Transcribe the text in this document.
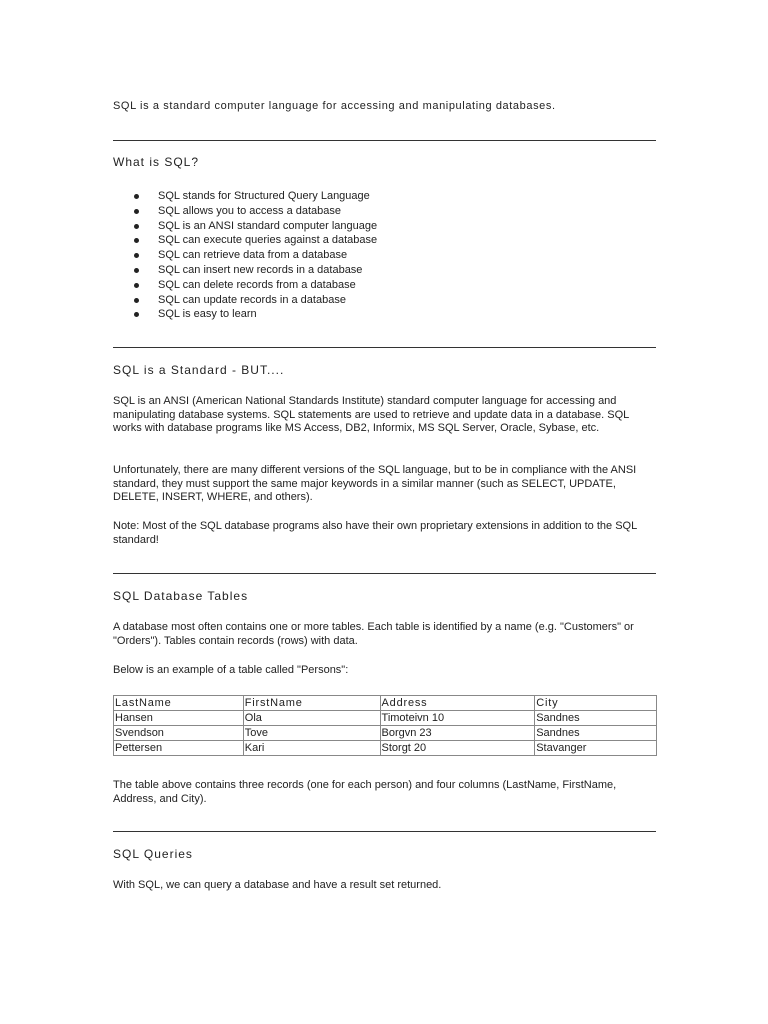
SQL is a standard computer language for accessing and manipulating databases.
What is SQL?
SQL stands for Structured Query Language
SQL allows you to access a database
SQL is an ANSI standard computer language
SQL can execute queries against a database
SQL can retrieve data from a database
SQL can insert new records in a database
SQL can delete records from a database
SQL can update records in a database
SQL is easy to learn
SQL is a Standard - BUT....

SQL is an ANSI (American National Standards Institute) standard computer language for accessing and manipulating database systems. SQL statements are used to retrieve and update data in a database. SQL works with database programs like MS Access, DB2, Informix, MS SQL Server, Oracle, Sybase, etc.

Unfortunately, there are many different versions of the SQL language, but to be in compliance with the ANSI standard, they must support the same major keywords in a similar manner (such as SELECT, UPDATE, DELETE, INSERT, WHERE, and others).

Note: Most of the SQL database programs also have their own proprietary extensions in addition to the SQL standard!

SQL Database Tables

A database most often contains one or more tables. Each table is identified by a name (e.g. "Customers" or "Orders"). Tables contain records (rows) with data.

Below is an example of a table called "Persons":

LastName	FirstName	Address	City
Hansen	Ola	Timoteivn 10	Sandnes
Svendson	Tove	Borgvn 23	Sandnes
Pettersen	Kari	Storgt 20	Stavanger

The table above contains three records (one for each person) and four columns (LastName, FirstName, Address, and City).

SQL Queries

With SQL, we can query a database and have a result set returned.
